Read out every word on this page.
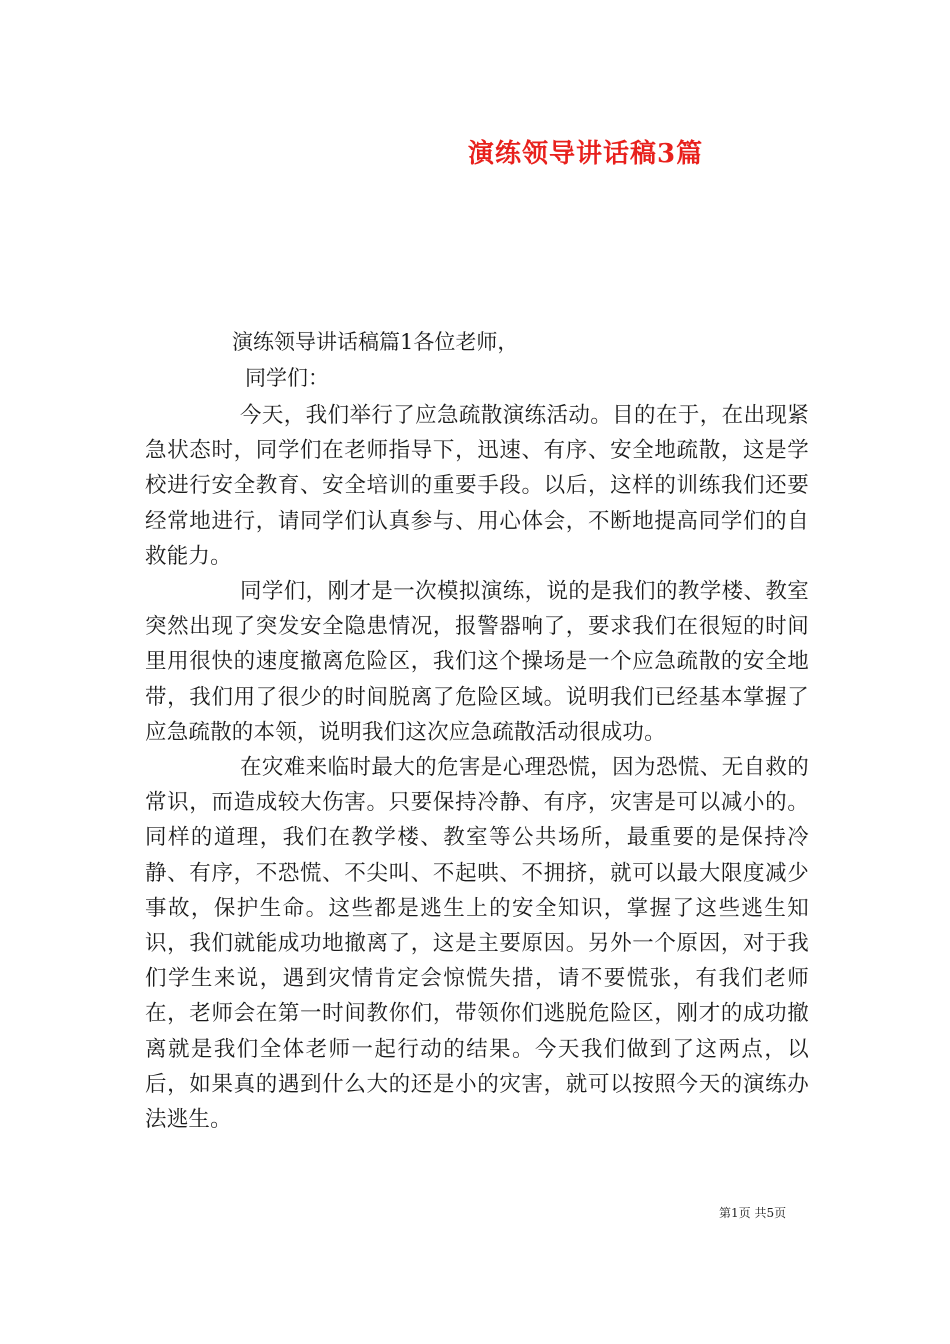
演练领导讲话稿3篇
演练领导讲话稿篇1各位老师，
同学们：

今天，我们举行了应急疏散演练活动。目的在于，在出现紧急状态时，同学们在老师指导下，迅速、有序、安全地疏散，这是学校进行安全教育、安全培训的重要手段。以后，这样的训练我们还要经常地进行，请同学们认真参与、用心体会，不断地提高同学们的自救能力。

同学们，刚才是一次模拟演练，说的是我们的教学楼、教室突然出现了突发安全隐患情况，报警器响了，要求我们在很短的时间里用很快的速度撤离危险区，我们这个操场是一个应急疏散的安全地带，我们用了很少的时间脱离了危险区域。说明我们已经基本掌握了应急疏散的本领，说明我们这次应急疏散活动很成功。

在灾难来临时最大的危害是心理恐慌，因为恐慌、无自救的常识，而造成较大伤害。只要保持冷静、有序，灾害是可以减小的。同样的道理，我们在教学楼、教室等公共场所，最重要的是保持冷静、有序，不恐慌、不尖叫、不起哄、不拥挤，就可以最大限度减少事故，保护生命。这些都是逃生上的安全知识，掌握了这些逃生知识，我们就能成功地撤离了，这是主要原因。另外一个原因，对于我们学生来说，遇到灾情肯定会惊慌失措，请不要慌张，有我们老师在，老师会在第一时间教你们，带领你们逃脱危险区，刚才的成功撤离就是我们全体老师一起行动的结果。今天我们做到了这两点，以后，如果真的遇到什么大的还是小的灾害，就可以按照今天的演练办法逃生。

第1页 共5页
